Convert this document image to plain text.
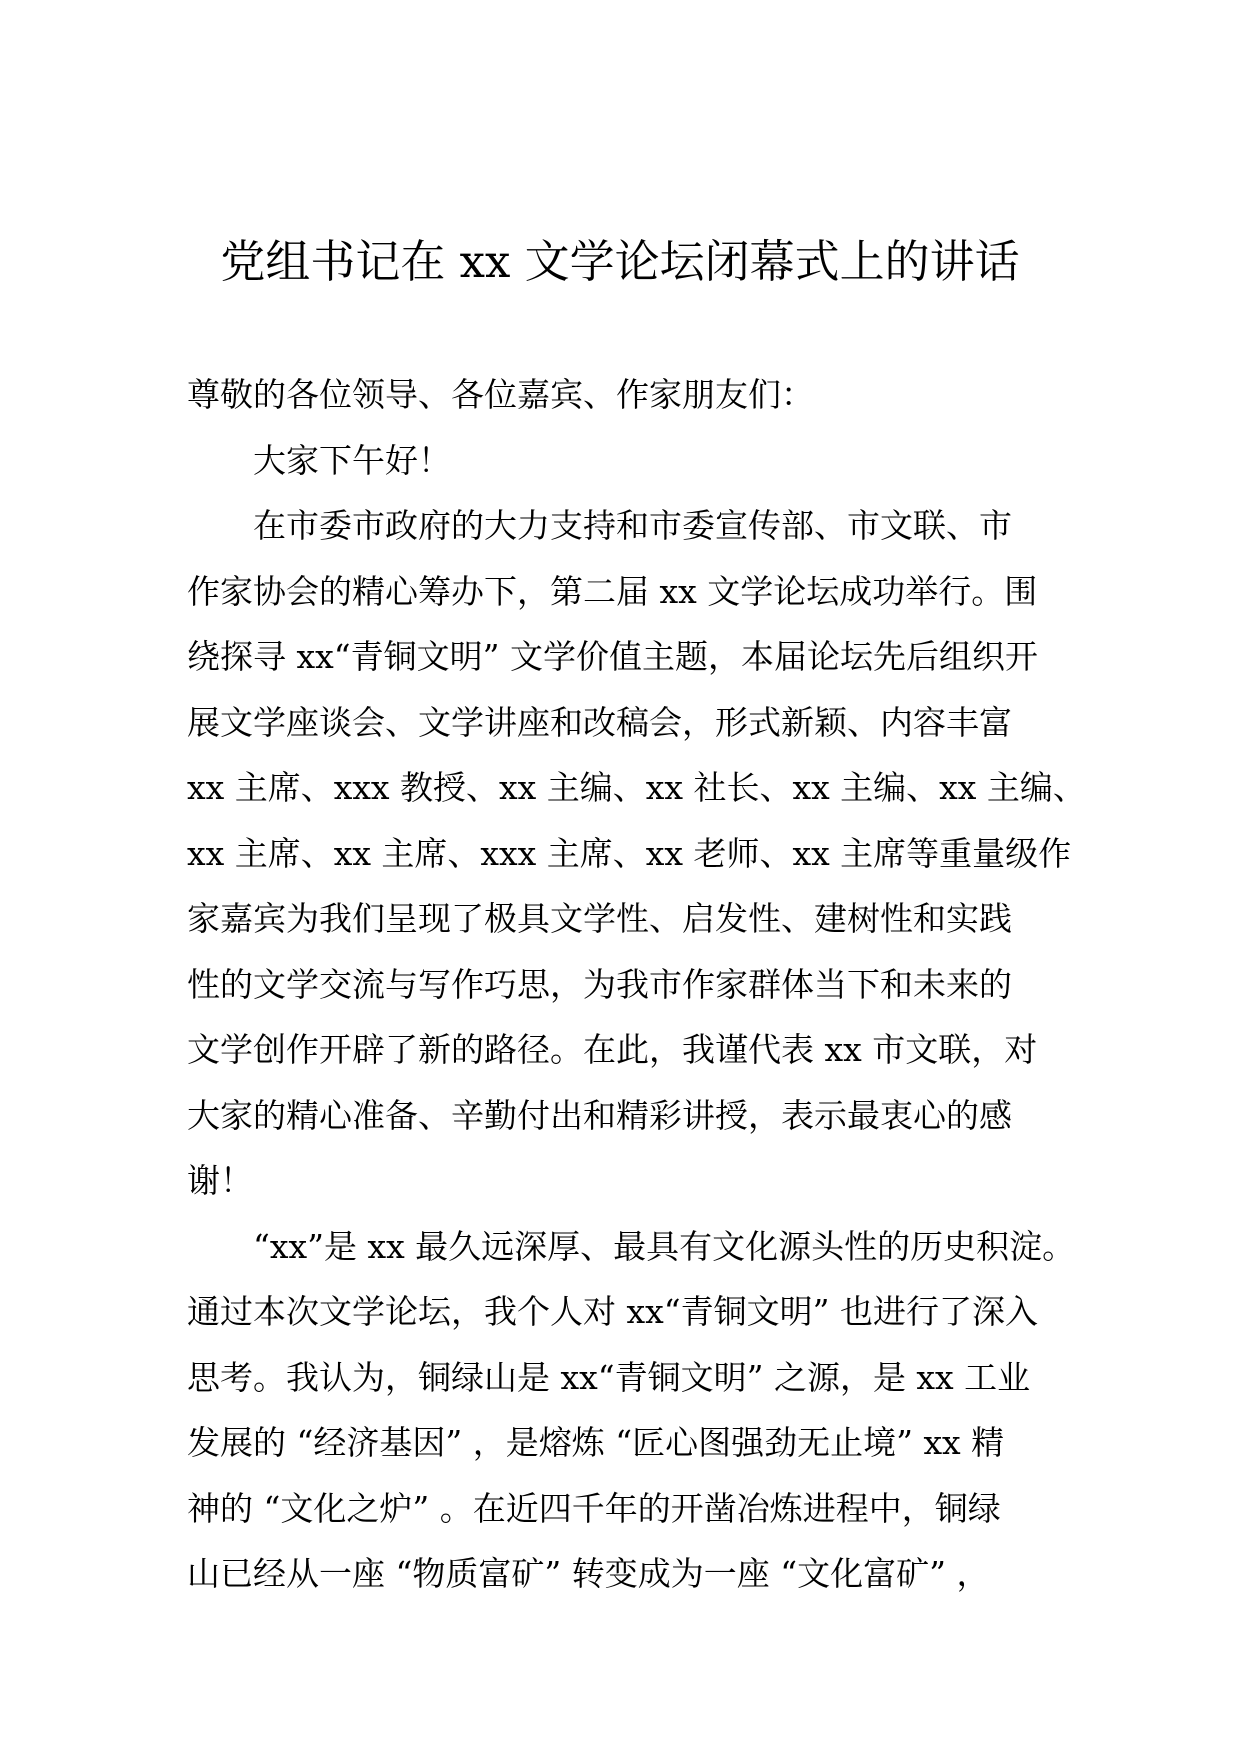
党组书记在 xx 文学论坛闭幕式上的讲话
尊敬的各位领导、各位嘉宾、作家朋友们：
大家下午好！
在市委市政府的大力支持和市委宣传部、市文联、市
作家协会的精心筹办下，第二届 xx 文学论坛成功举行。围
绕探寻 xx“青铜文明” 文学价值主题，本届论坛先后组织开
展文学座谈会、文学讲座和改稿会，形式新颖、内容丰富
xx 主席、xxx 教授、xx 主编、xx 社长、xx 主编、xx 主编、
xx 主席、xx 主席、xxx 主席、xx 老师、xx 主席等重量级作
家嘉宾为我们呈现了极具文学性、启发性、建树性和实践
性的文学交流与写作巧思，为我市作家群体当下和未来的
文学创作开辟了新的路径。在此，我谨代表 xx 市文联，对
大家的精心准备、辛勤付出和精彩讲授，表示最衷心的感
谢！
“xx”是 xx 最久远深厚、最具有文化源头性的历史积淀。
通过本次文学论坛，我个人对 xx“青铜文明” 也进行了深入
思考。我认为，铜绿山是 xx“青铜文明” 之源，是 xx 工业
发展的 “经济基因” ，是熔炼 “匠心图强劲无止境” xx 精
神的 “文化之炉” 。在近四千年的开凿冶炼进程中，铜绿
山已经从一座 “物质富矿” 转变成为一座 “文化富矿” ，
